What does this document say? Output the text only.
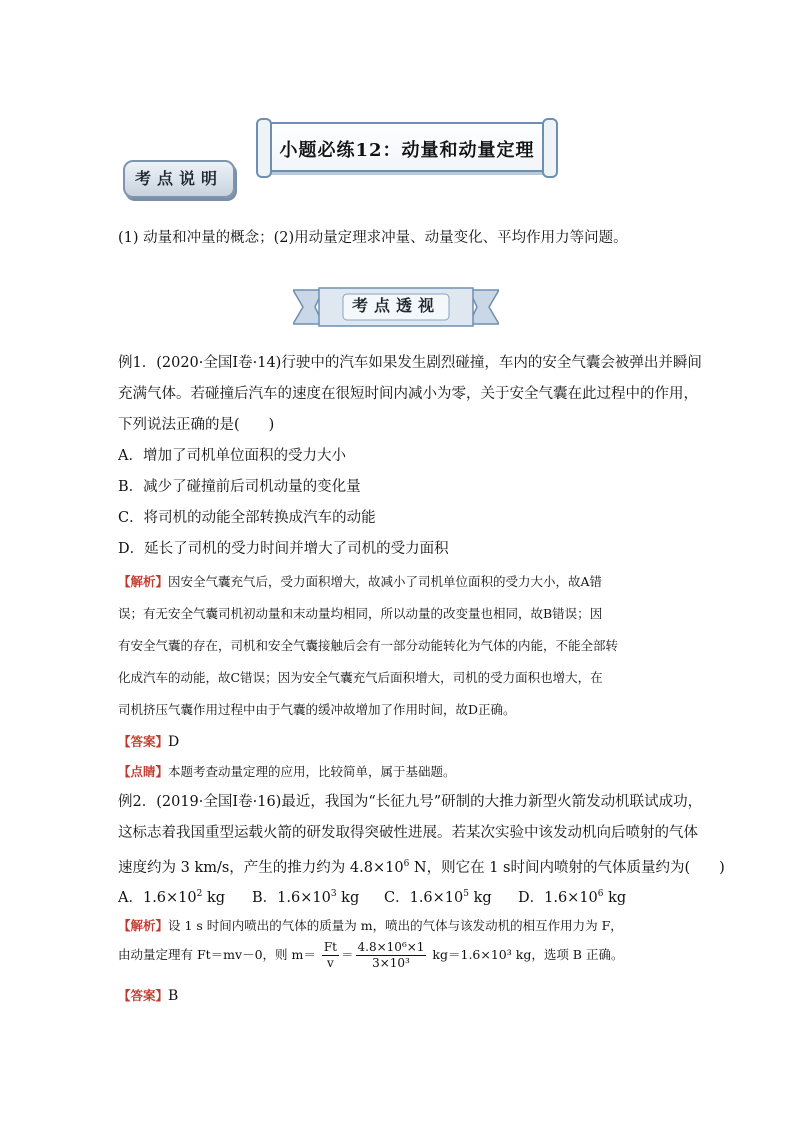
小题必练12：动量和动量定理
考点说明
(1) 动量和冲量的概念；(2)用动量定理求冲量、动量变化、平均作用力等问题。
考点透视
例1．(2020·全国Ⅰ卷·14)行驶中的汽车如果发生剧烈碰撞，车内的安全气囊会被弹出并瞬间
充满气体。若碰撞后汽车的速度在很短时间内减小为零，关于安全气囊在此过程中的作用，
下列说法正确的是(　　)
A．增加了司机单位面积的受力大小
B．减少了碰撞前后司机动量的变化量
C．将司机的动能全部转换成汽车的动能
D．延长了司机的受力时间并增大了司机的受力面积
【解析】因安全气囊充气后，受力面积增大，故减小了司机单位面积的受力大小，故A错
误；有无安全气囊司机初动量和末动量均相同，所以动量的改变量也相同，故B错误；因
有安全气囊的存在，司机和安全气囊接触后会有一部分动能转化为气体的内能，不能全部转
化成汽车的动能，故C错误；因为安全气囊充气后面积增大，司机的受力面积也增大，在
司机挤压气囊作用过程中由于气囊的缓冲故增加了作用时间，故D正确。
【答案】D
【点睛】本题考查动量定理的应用，比较简单，属于基础题。
例2．(2019·全国Ⅰ卷·16)最近，我国为“长征九号”研制的大推力新型火箭发动机联试成功，
这标志着我国重型运载火箭的研发取得突破性进展。若某次实验中该发动机向后喷射的气体
速度约为 3 km/s，产生的推力约为 $4.8\times 10^6$ N，则它在 1 s时间内喷射的气体质量约为(　　)
A．$1.6\times 10^2$ kg B．$1.6\times 10^3$ kg C．$1.6\times 10^5$ kg D．$1.6\times 10^6$ kg
【解析】设 1 s 时间内喷出的气体的质量为 m，喷出的气体与该发动机的相互作用力为 F，
由动量定理有 Ft＝mv－0，则 $m= \frac{Ft}{v} = \frac{\text{4.8×10⁶×1}}{\text{3×10³}} kg=1.6\times 10^3$ kg，选项 B 正确。
【答案】B
